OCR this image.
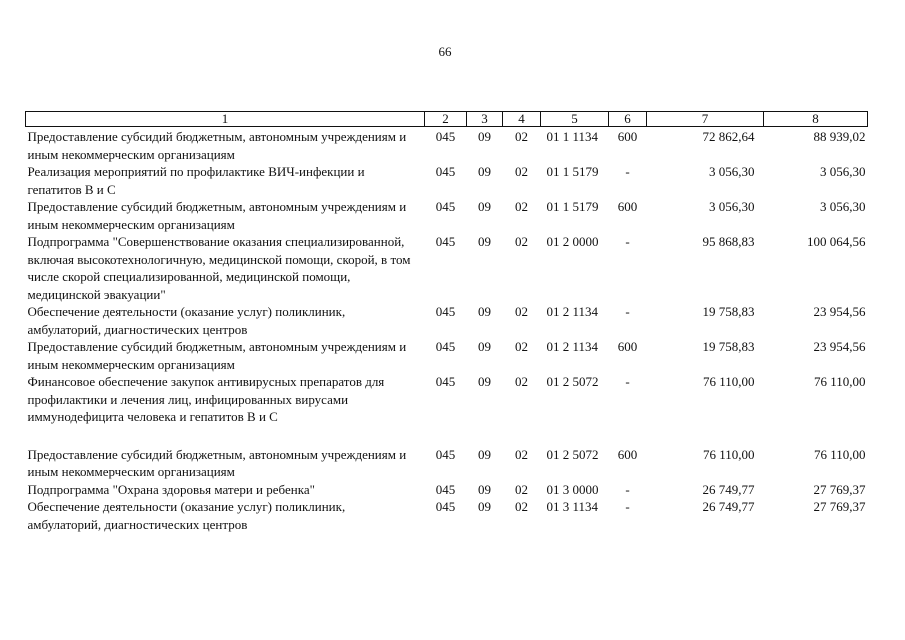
66
1	2	3	4	5	6	7	8
Предоставление субсидий бюджетным, автономным учреждениям и иным некоммерческим организациям	045	09	02	01 1 1134	600	72 862,64	88 939,02
Реализация мероприятий по профилактике ВИЧ-инфекции и гепатитов В и С	045	09	02	01 1 5179	-	3 056,30	3 056,30
Предоставление субсидий бюджетным, автономным учреждениям и иным некоммерческим организациям	045	09	02	01 1 5179	600	3 056,30	3 056,30
Подпрограмма "Совершенствование оказания специализированной, включая высокотехнологичную, медицинской помощи, скорой, в том числе скорой специализированной, медицинской помощи, медицинской эвакуации"	045	09	02	01 2 0000	-	95 868,83	100 064,56
Обеспечение деятельности (оказание услуг) поликлиник, амбулаторий, диагностических центров	045	09	02	01 2 1134	-	19 758,83	23 954,56
Предоставление субсидий бюджетным, автономным учреждениям и иным некоммерческим организациям	045	09	02	01 2 1134	600	19 758,83	23 954,56
Финансовое обеспечение закупок антивирусных препаратов для профилактики и лечения лиц, инфицированных вирусами иммунодефицита человека и гепатитов В и С	045	09	02	01 2 5072	-	76 110,00	76 110,00
Предоставление субсидий бюджетным, автономным учреждениям и иным некоммерческим организациям	045	09	02	01 2 5072	600	76 110,00	76 110,00
Подпрограмма "Охрана здоровья матери и ребенка"	045	09	02	01 3 0000	-	26 749,77	27 769,37
Обеспечение деятельности (оказание услуг) поликлиник, амбулаторий, диагностических центров	045	09	02	01 3 1134	-	26 749,77	27 769,37
